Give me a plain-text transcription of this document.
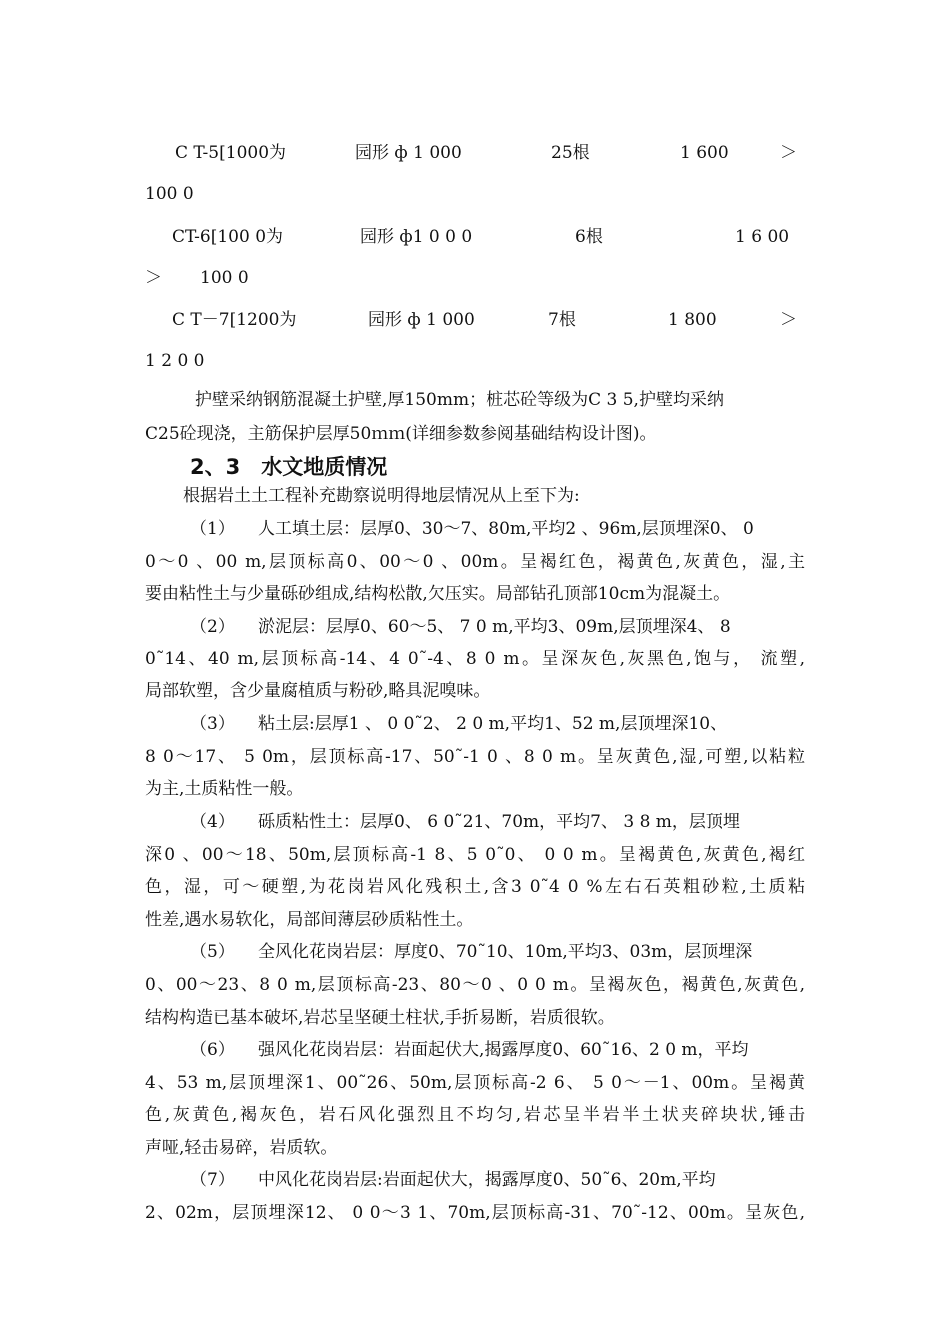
C T-5[1000为	园形 ф 1 000	25根	1 600	＞
100 0
CT-6[100 0为	园形 ф1 0 0 0	6根	1 6 00
＞ 100 0
C T－7[1200为	园形 ф 1 000	7根	1 800	＞
1 2 0 0
护壁采纳钢筋混凝土护壁,厚150mm；桩芯砼等级为C 3 5,护壁均采纳
C25砼现浇，主筋保护层厚50ｍｍ(详细参数参阅基础结构设计图)。
2、3　水文地质情况
根据岩土土工程补充勘察说明得地层情况从上至下为:
（1） 人工填土层：层厚0、30～7、80m,平均2 、96m,层顶埋深0、 0
0～0 、00 m,层顶标高0、00～0 、00m。呈褐红色，褐黄色,灰黄色，湿,主
要由粘性土与少量砾砂组成,结构松散,欠压实。局部钻孔顶部10cm为混凝土。
（2） 淤泥层：层厚0、60～5、 7 0 m,平均3、09m,层顶埋深4、 8
0˜14、40 m,层顶标高-14、4 0˜-4、8 0 m。呈深灰色,灰黑色,饱与， 流塑,
局部软塑，含少量腐植质与粉砂,略具泥嗅味。
（3） 粘土层:层厚1 、 0 0˜2、 2 0 m,平均1、52 m,层顶埋深10、
8 0～17、 5 0m，层顶标高-17、50˜-1 0 、8 0 m。呈灰黄色,湿,可塑,以粘粒
为主,土质粘性一般。
（4） 砾质粘性土：层厚0、 6 0˜21、70m，平均7、 3 8 m，层顶埋
深0 、00～18、50m,层顶标高-1 8、5 0˜0、 0 0 m。呈褐黄色,灰黄色,褐红
色，湿，可～硬塑,为花岗岩风化残积土,含3 0˜4 0 %左右石英粗砂粒,土质粘
性差,遇水易软化，局部间薄层砂质粘性土。
（5） 全风化花岗岩层：厚度0、70˜10、10m,平均3、03m，层顶埋深
0、00～23、8 0 m,层顶标高-23、80～0 、0 0 m。呈褐灰色，褐黄色,灰黄色,
结构构造已基本破坏,岩芯呈坚硬土柱状,手折易断，岩质很软。
（6） 强风化花岗岩层：岩面起伏大,揭露厚度0、60˜16、2 0 m，平均
4、53 m,层顶埋深1、00˜26、50m,层顶标高-2 6、 5 0～－1、00m。呈褐黄
色,灰黄色,褐灰色，岩石风化强烈且不均匀,岩芯呈半岩半土状夹碎块状,锤击
声哑,轻击易碎，岩质软。
（7） 中风化花岗岩层:岩面起伏大，揭露厚度0、50˜6、20m,平均
2、02m，层顶埋深12、 0 0～3 1、70m,层顶标高-31、70˜-12、00m。呈灰色,
